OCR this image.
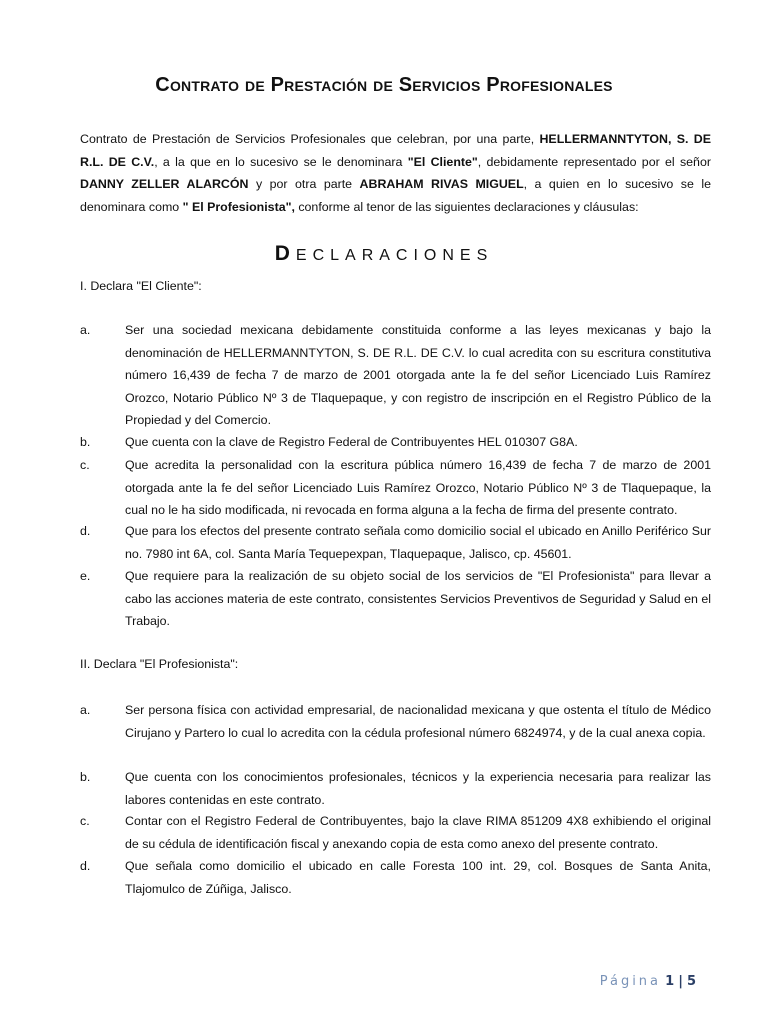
Contrato de Prestación de Servicios Profesionales
Contrato de Prestación de Servicios Profesionales que celebran, por una parte, HELLERMANNTYTON, S. DE R.L. DE C.V., a la que en lo sucesivo se le denominara "El Cliente", debidamente representado por el señor DANNY ZELLER ALARCÓN y por otra parte ABRAHAM RIVAS MIGUEL, a quien en lo sucesivo se le denominara como " El Profesionista", conforme al tenor de las siguientes declaraciones y cláusulas:
DECLARACIONES
I. Declara "El Cliente":
a.	Ser una sociedad mexicana debidamente constituida conforme a las leyes mexicanas y bajo la denominación de HELLERMANNTYTON, S. DE R.L. DE C.V. lo cual acredita con su escritura constitutiva número 16,439 de fecha 7 de marzo de 2001 otorgada ante la fe del señor Licenciado Luis Ramírez Orozco, Notario Público Nº 3 de Tlaquepaque, y con registro de inscripción en el Registro Público de la Propiedad y del Comercio.
b.	Que cuenta con la clave de Registro Federal de Contribuyentes HEL 010307 G8A.
c.	Que acredita la personalidad con la escritura pública número 16,439 de fecha 7 de marzo de 2001 otorgada ante la fe del señor Licenciado Luis Ramírez Orozco, Notario Público Nº 3 de Tlaquepaque, la cual no le ha sido modificada, ni revocada en forma alguna a la fecha de firma del presente contrato.
d.	Que para los efectos del presente contrato señala como domicilio social el ubicado en Anillo Periférico Sur no. 7980 int 6A, col. Santa María Tequepexpan, Tlaquepaque, Jalisco, cp. 45601.
e.	Que requiere para la realización de su objeto social de los servicios de "El Profesionista" para llevar a cabo las acciones materia de este contrato, consistentes Servicios Preventivos de Seguridad y Salud en el Trabajo.
II. Declara "El Profesionista":
a.	Ser persona física con actividad empresarial, de nacionalidad mexicana y que ostenta el título de Médico Cirujano y Partero lo cual lo acredita con la cédula profesional número 6824974, y de la cual anexa copia.
b.	Que cuenta con los conocimientos profesionales, técnicos y la experiencia necesaria para realizar las labores contenidas en este contrato.
c.	Contar con el Registro Federal de Contribuyentes, bajo la clave RIMA 851209 4X8 exhibiendo el original de su cédula de identificación fiscal y anexando copia de esta como anexo del presente contrato.
d.	Que señala como domicilio el ubicado en calle Foresta 100 int. 29, col. Bosques de Santa Anita, Tlajomulco de Zúñiga, Jalisco.
Página 1 | 5
